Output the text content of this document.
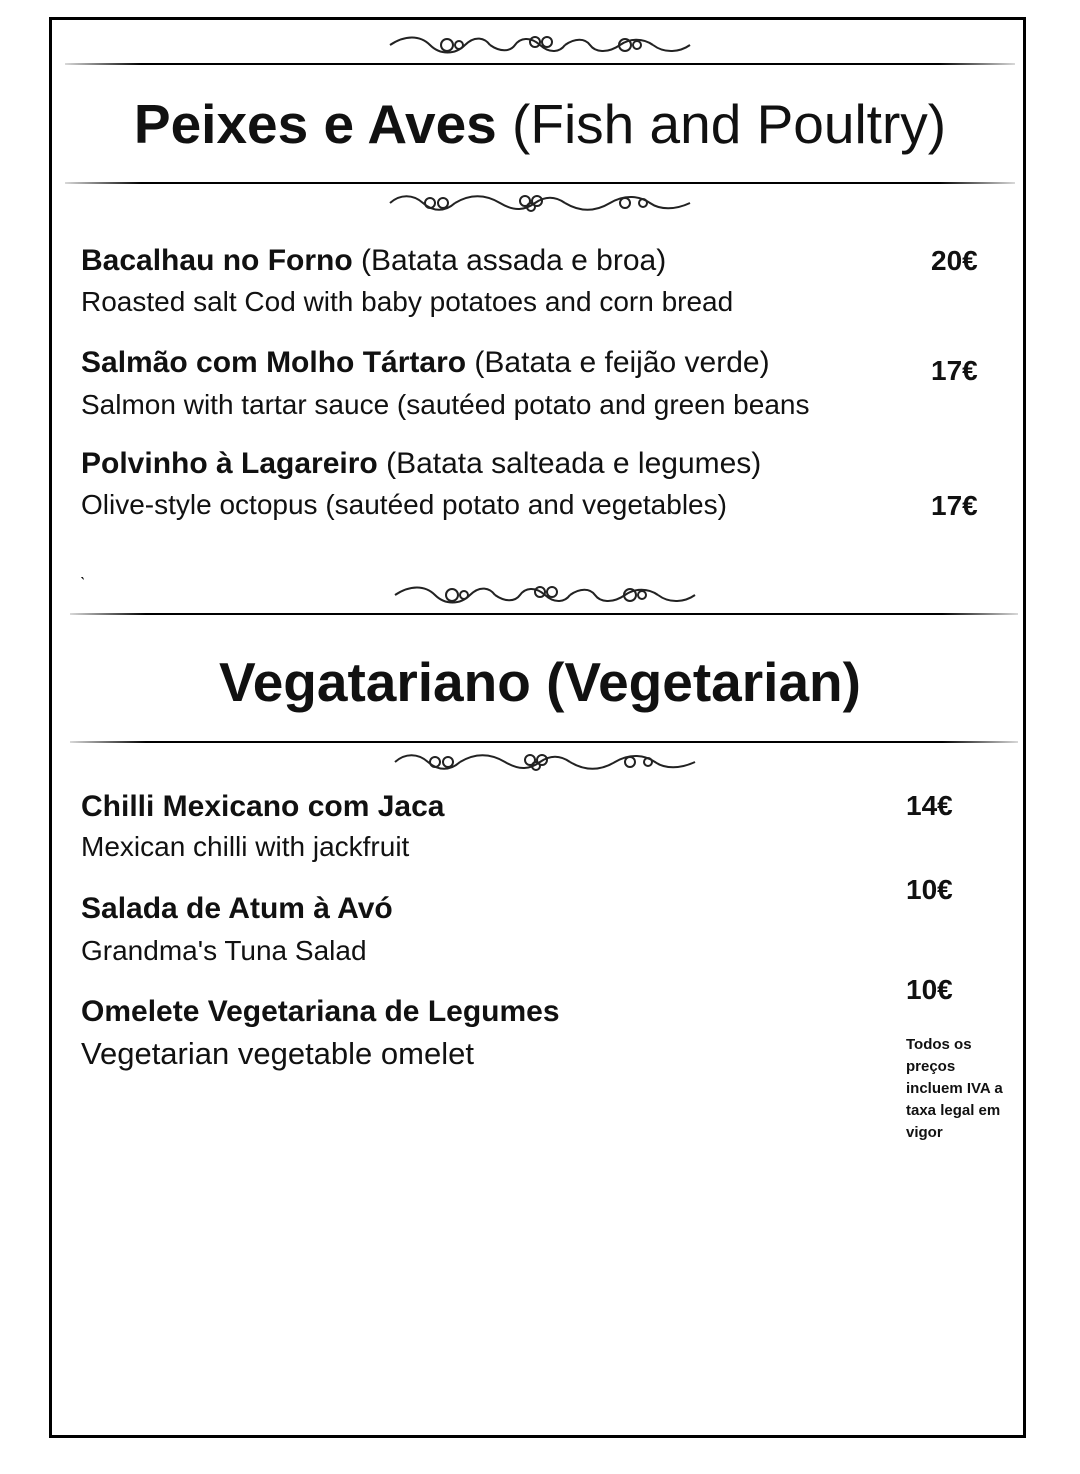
Peixes e Aves (Fish and Poultry)
Bacalhau no Forno (Batata assada e broa)
Roasted salt Cod with baby potatoes and corn bread
20€
Salmão com Molho Tártaro (Batata e feijão verde)
Salmon with tartar sauce (sautéed potato and green beans
17€
Polvinho à Lagareiro (Batata salteada e legumes)
Olive-style octopus (sautéed potato and vegetables)	17€
ˎ
Vegatariano (Vegetarian)
Chilli Mexicano com Jaca
Mexican chilli with jackfruit
14€
Salada de Atum à Avó
Grandma's Tuna Salad
10€
Omelete Vegetariana de Legumes
Vegetarian vegetable omelet
10€
Todos os
preços
incluem IVA a
taxa legal em
vigor
